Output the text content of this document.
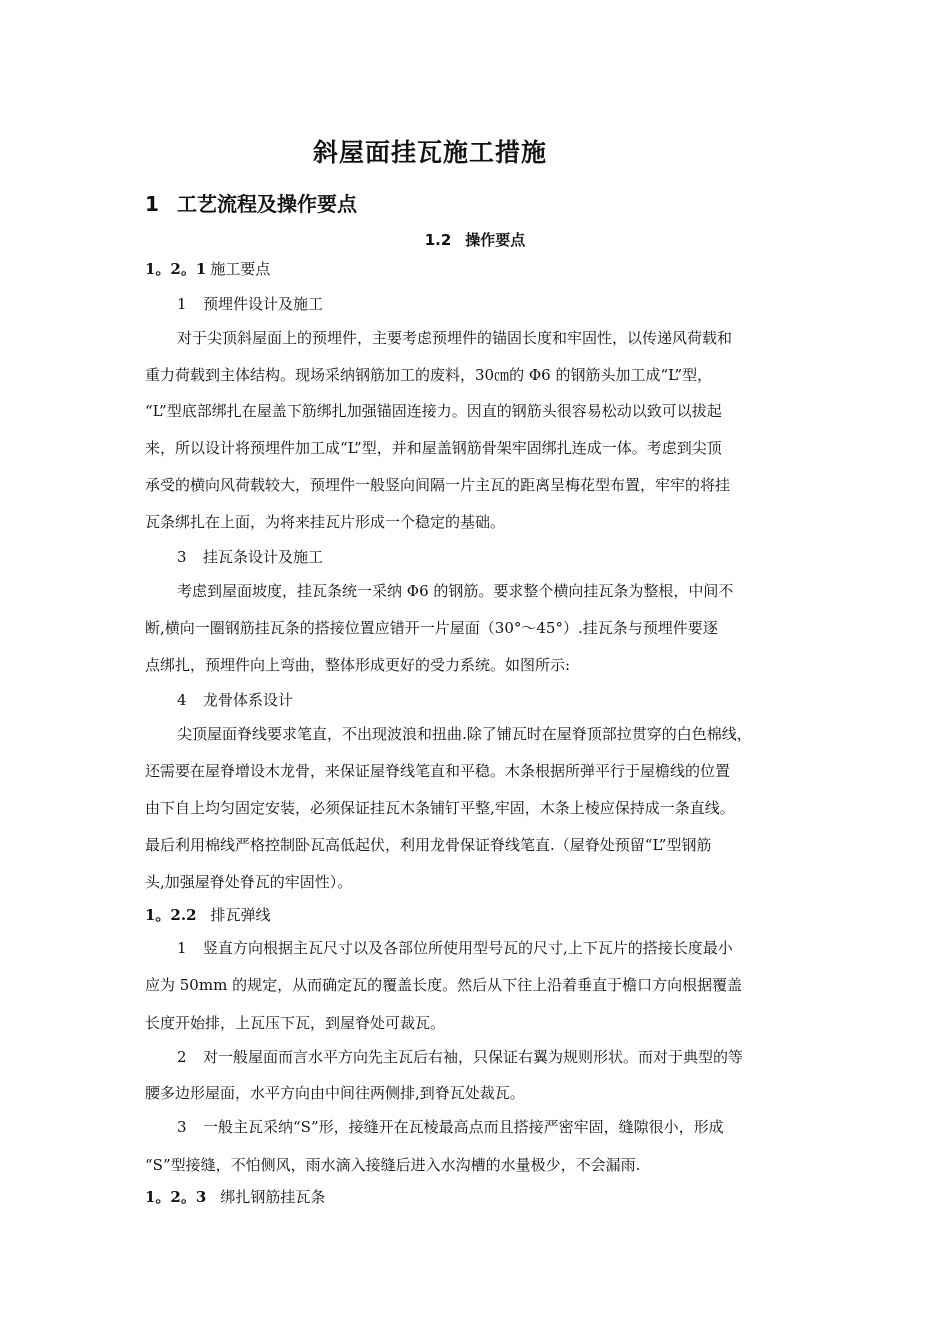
斜屋面挂瓦施工措施
1 工艺流程及操作要点
1.2 操作要点
1。2。1 施工要点
1 预埋件设计及施工
对于尖顶斜屋面上的预埋件，主要考虑预埋件的锚固长度和牢固性，以传递风荷载和
重力荷载到主体结构。现场采纳钢筋加工的废料，30㎝的 Φ6 的钢筋头加工成“L”型，
“L”型底部绑扎在屋盖下筋绑扎加强锚固连接力。因直的钢筋头很容易松动以致可以拔起
来，所以设计将预埋件加工成“L”型，并和屋盖钢筋骨架牢固绑扎连成一体。考虑到尖顶
承受的横向风荷载较大，预埋件一般竖向间隔一片主瓦的距离呈梅花型布置，牢牢的将挂
瓦条绑扎在上面，为将来挂瓦片形成一个稳定的基础。
3 挂瓦条设计及施工
考虑到屋面坡度，挂瓦条统一采纳 Φ6 的钢筋。要求整个横向挂瓦条为整根，中间不
断,横向一圈钢筋挂瓦条的搭接位置应错开一片屋面（30°～45°）.挂瓦条与预埋件要逐
点绑扎，预埋件向上弯曲，整体形成更好的受力系统。如图所示:
4 龙骨体系设计
尖顶屋面脊线要求笔直，不出现波浪和扭曲.除了铺瓦时在屋脊顶部拉贯穿的白色棉线，
还需要在屋脊增设木龙骨，来保证屋脊线笔直和平稳。木条根据所弹平行于屋檐线的位置
由下自上均匀固定安装，必须保证挂瓦木条铺钉平整,牢固，木条上棱应保持成一条直线。
最后利用棉线严格控制卧瓦高低起伏，利用龙骨保证脊线笔直.（屋脊处预留“L”型钢筋
头,加强屋脊处脊瓦的牢固性）。
1。2.2 排瓦弹线
1 竖直方向根据主瓦尺寸以及各部位所使用型号瓦的尺寸,上下瓦片的搭接长度最小
应为 50mm 的规定，从而确定瓦的覆盖长度。然后从下往上沿着垂直于檐口方向根据覆盖
长度开始排，上瓦压下瓦，到屋脊处可裁瓦。
2 对一般屋面而言水平方向先主瓦后右袖，只保证右翼为规则形状。而对于典型的等
腰多边形屋面，水平方向由中间往两侧排,到脊瓦处裁瓦。
3 一般主瓦采纳“S”形，接缝开在瓦棱最高点而且搭接严密牢固，缝隙很小，形成
“S”型接缝，不怕侧风，雨水滴入接缝后进入水沟槽的水量极少，不会漏雨.
1。2。3 绑扎钢筋挂瓦条
